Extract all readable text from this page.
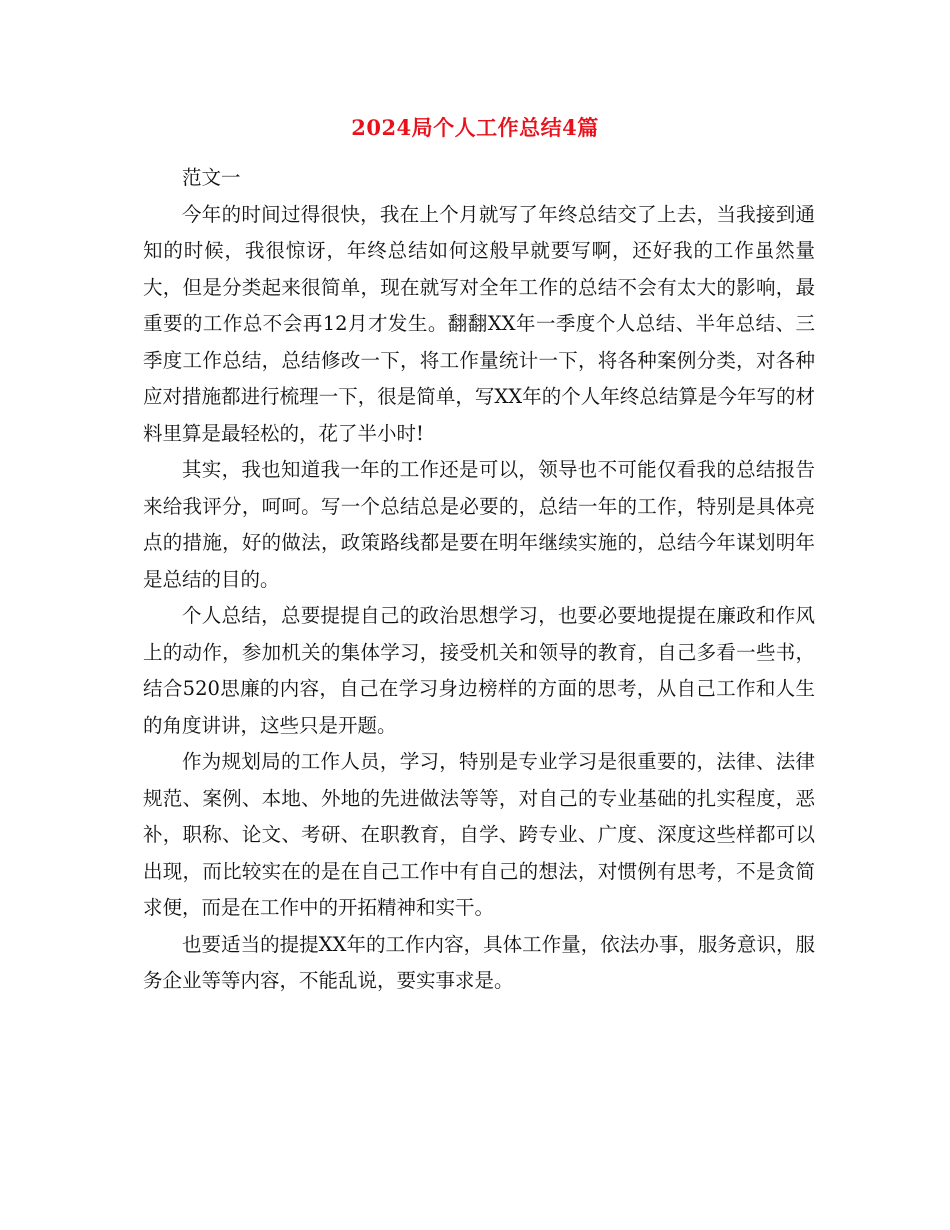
2024局个人工作总结4篇

范文一

今年的时间过得很快，我在上个月就写了年终总结交了上去，当我接到通知的时候，我很惊讶，年终总结如何这般早就要写啊，还好我的工作虽然量大，但是分类起来很简单，现在就写对全年工作的总结不会有太大的影响，最重要的工作总不会再12月才发生。翻翻XX年一季度个人总结、半年总结、三季度工作总结，总结修改一下，将工作量统计一下，将各种案例分类，对各种应对措施都进行梳理一下，很是简单，写XX年的个人年终总结算是今年写的材料里算是最轻松的，花了半小时!

其实，我也知道我一年的工作还是可以，领导也不可能仅看我的总结报告来给我评分，呵呵。写一个总结总是必要的，总结一年的工作，特别是具体亮点的措施，好的做法，政策路线都是要在明年继续实施的，总结今年谋划明年是总结的目的。

个人总结，总要提提自己的政治思想学习，也要必要地提提在廉政和作风上的动作，参加机关的集体学习，接受机关和领导的教育，自己多看一些书，结合520思廉的内容，自己在学习身边榜样的方面的思考，从自己工作和人生的角度讲讲，这些只是开题。

作为规划局的工作人员，学习，特别是专业学习是很重要的，法律、法律规范、案例、本地、外地的先进做法等等，对自己的专业基础的扎实程度，恶补，职称、论文、考研、在职教育，自学、跨专业、广度、深度这些样都可以出现，而比较实在的是在自己工作中有自己的想法，对惯例有思考，不是贪简求便，而是在工作中的开拓精神和实干。

也要适当的提提XX年的工作内容，具体工作量，依法办事，服务意识，服务企业等等内容，不能乱说，要实事求是。
